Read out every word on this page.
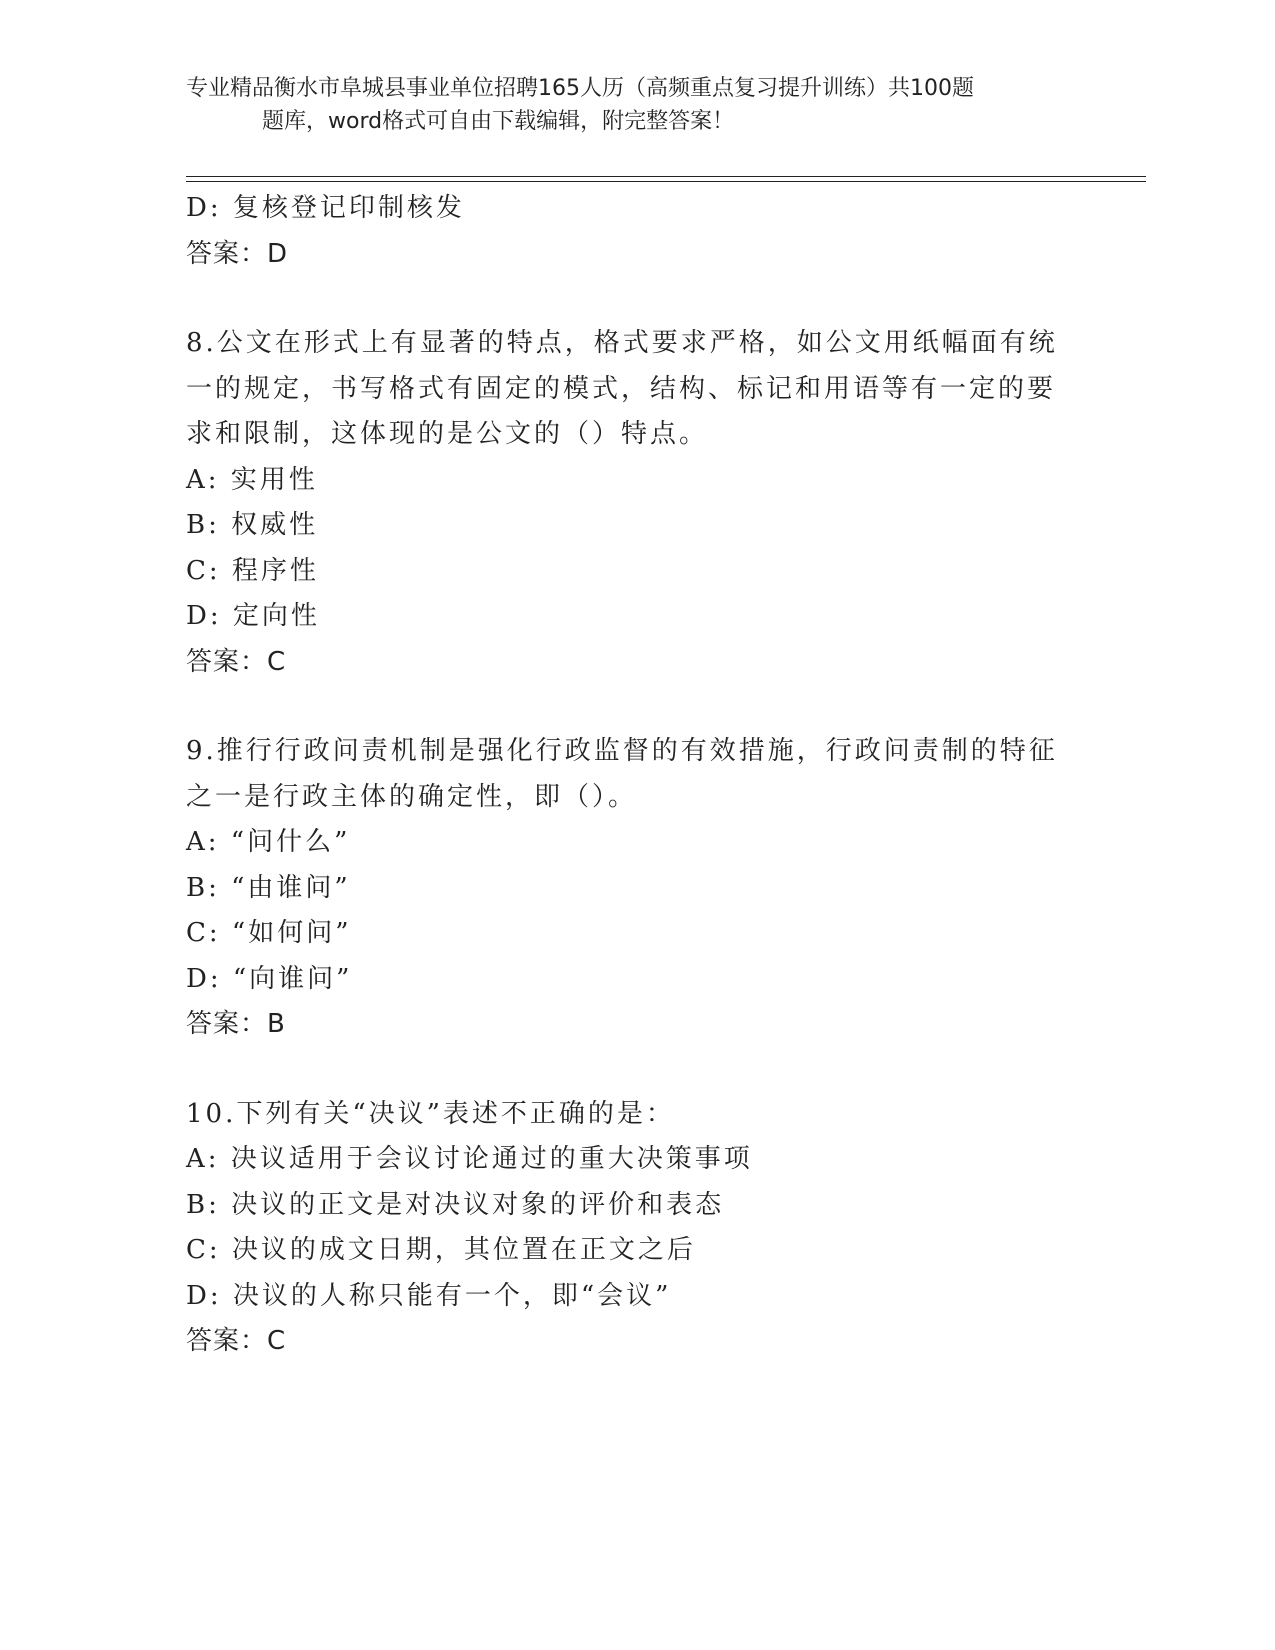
专业精品衡水市阜城县事业单位招聘165人历（高频重点复习提升训练）共100题
题库，word格式可自由下载编辑，附完整答案！
D: 复核登记印制核发
答案：D
8.公文在形式上有显著的特点，格式要求严格，如公文用纸幅面有统
一的规定，书写格式有固定的模式，结构、标记和用语等有一定的要
求和限制，这体现的是公文的（）特点。
A: 实用性
B: 权威性
C: 程序性
D: 定向性
答案：C
9.推行行政问责机制是强化行政监督的有效措施，行政问责制的特征
之一是行政主体的确定性，即（）。
A: “问什么”
B: “由谁问”
C: “如何问”
D: “向谁问”
答案：B
10.下列有关“决议”表述不正确的是：
A: 决议适用于会议讨论通过的重大决策事项
B: 决议的正文是对决议对象的评价和表态
C: 决议的成文日期，其位置在正文之后
D: 决议的人称只能有一个，即“会议”
答案：C
